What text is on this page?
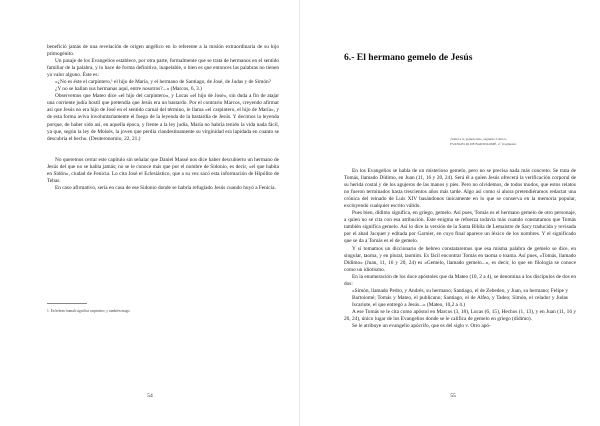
benefició jamás de una revelación de origen angélico en lo referente a la misión extraordinaria de su hijo primogénito.

Un pasaje de los Evangelios establece, por otra parte, formalmente que se trata de hermanos en el sentido familiar de la palabra, y lo hace de forma definitiva, inapelable, o bien es que entonces las palabras no tienen ya valor alguno. Éste es:

«¿No es éste el carpintero,¹ el hijo de María, y el hermano de Santiago, de José, de Judas y de Simón? ¿Y no se hallan sus hermanas aquí, entre nosotros?...» (Marcos, 6, 3.)

Observemos que Mateo dice «el hijo del carpintero», y Lucas «el hijo de José», sin duda a fin de atajar una corriente judía hostil que pretendía que Jesús era un bastardo. Por el contrario Marcos, creyendo afirmar así que Jesús no era hijo de José en el sentido carnal del término, le llama «el carpintero, el hijo de María», y de esta forma aviva involuntariamente el fuego de la leyenda de la bastardía de Jesús. Y decimos la leyenda porque, de haber sido así, en aquella época, y frente a la ley judía, María no habría tenido la vida nada fácil, ya que, según la ley de Moisés, la joven que perdía clandestinamente su virginidad era lapidada en cuanto se descubría el hecho. (Deuteronomio, 22, 21.)

No queremos cerrar este capítulo sin señalar que Daniel Massé nos dice haber descubierto un hermano de Jesús del que no se habla jamás; no se le conoce más que por el nombre de Sidonio, es decir, «el que habita en Sidón», ciudad de Fenicia. Lo cita José el Eclesiástico, que a su vez sacó esta información de Hipólito de Tebas.

En caso afirmativo, sería en casa de ese Sidonio donde se habría refugiado Jesús cuando huyó a Fenicia.

1. En hebreo hamah significa carpintero, y también mago.
54
6.- El hermano gemelo de Jesús
¡Salud a ti, gemelo mío, segundo Cristo!»
EVANGELIO DE BARTOLOMÉ, 2.º fragmento

En los Evangelios se habla de un misterioso gemelo, pero no se precisa nada más concreto. Se trata de Tomás, llamado Dídimo, en Juan (11, 16 y 20, 24). Será él a quien Jesús ofrecerá la verificación corporal de su herida costal y de los agujeros de las manos y pies. Pero no olvidemos, de todos modos, que estos relatos no fueron terminados hasta trescientos años más tarde. Algo así como si ahora pretendiéramos redactar una crónica del reinado de Luis XIV basándonos únicamente en lo que se conserva en la memoria popular, excluyendo cualquier escrito válido.

Pues bien, dídimo significa, en griego, gemelo. Así pues, Tomás es el hermano gemelo de otro personaje, a quien no se cita con esa atribución. Este enigma se refuerza todavía más cuando constatamos que Tomás también significa gemelo. Así lo dice la versión de la Santa Biblia de Lemaistre de Sacy traducida y revisada por el abad Jacquet y editada por Garnier, en cuyo final aparece un léxico de los nombres. Y el significado que se da a Tomás es el de gemelo.

Y si tomamos un diccionario de hebreo constataremos que esa misma palabra de gemelo se dice, en singular, taoma, y en plural, taomim. Es fácil encontrar Tomás en taoma o toama. Así pues, «Tomás, llamado Dídimo» (Juan, 11, 16 y 20, 24) es «Gemelo, llamado gemelo...», es decir, lo que en filología se conoce como un idiotismo.

En la enumeración de los doce apóstoles que da Mateo (10, 2 a 4), se denomina a los discípulos de dos en dos:

«Simón, llamado Pedro, y Andrés, su hermano; Santiago, el de Zebedeo, y Juan, su hermano; Felipe y Bartolomé; Tomás y Mateo, el publicano; Santiago, el de Alfeo, y Tadeo; Simón, el celador y Judas Iscariote, el que entregó a Jesús...» (Mateo, 10,2 a 4.)

A ese Tomás se le cita como apóstol en Marcos (3, 18), Lucas (6, 15), Hechos (1, 13), y en Juan (11, 16 y 20, 24), único lugar de los Evangelios donde se le califica de gemelo en griego (dídimo).

Se le atribuye un evangelio apócrifo, que es del siglo v. Otro apó-

55
